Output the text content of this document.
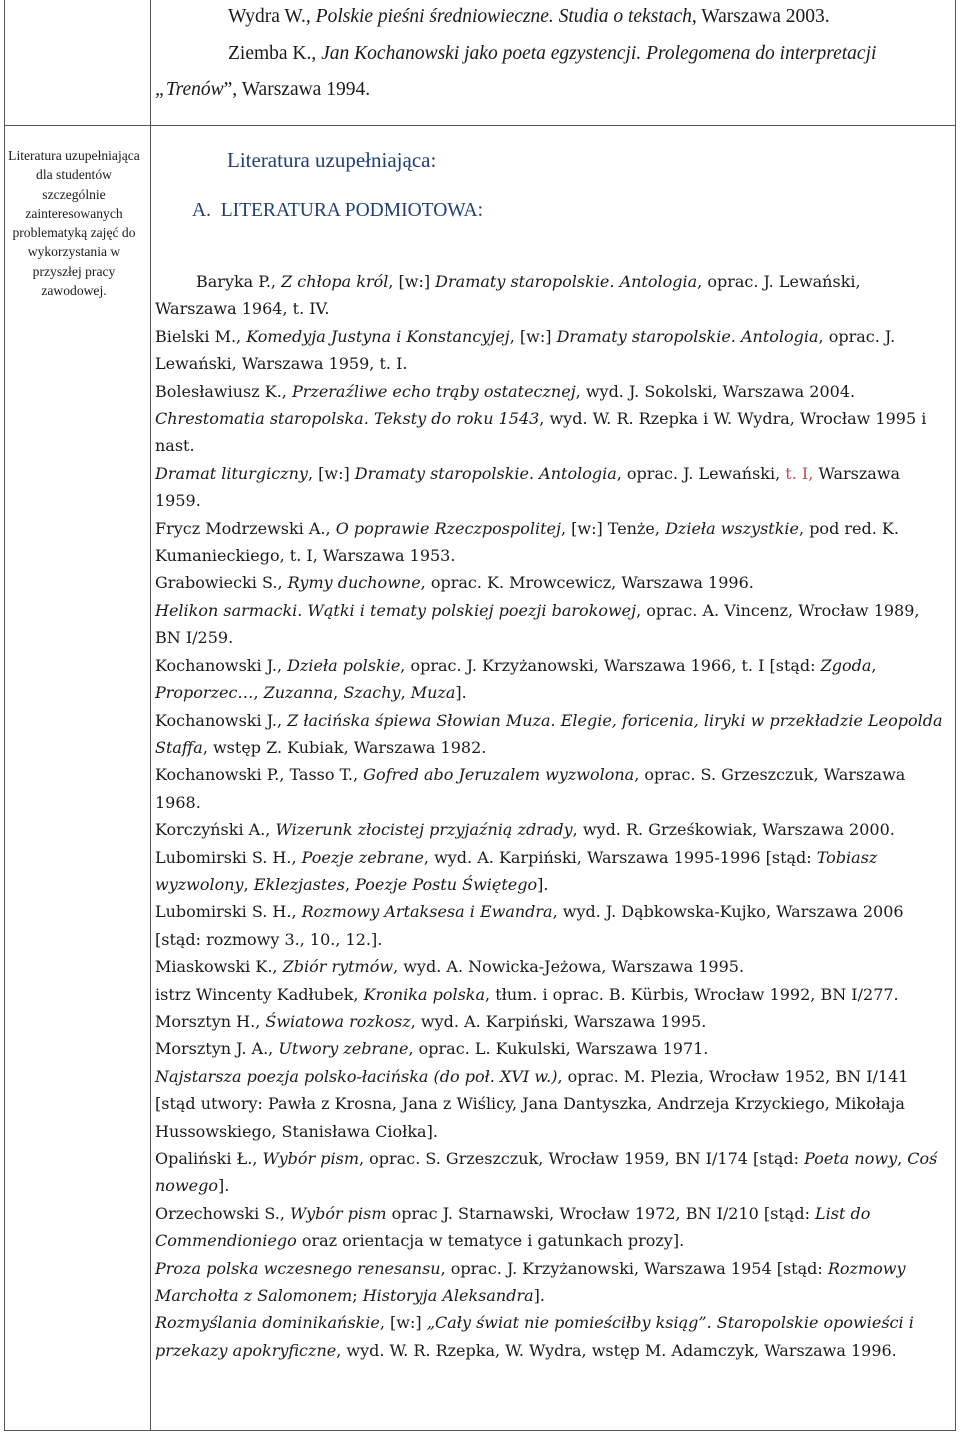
Wydra W., Polskie pieśni średniowieczne. Studia o tekstach, Warszawa 2003.
Ziemba K., Jan Kochanowski jako poeta egzystencji. Prolegomena do interpretacji
„Trenów”, Warszawa 1994.
Literatura uzupełniająca dla studentów szczególnie zainteresowanych problematyką zajęć do wykorzystania w przyszłej pracy zawodowej.
Literatura uzupełniająca:
A.  LITERATURA PODMIOTOWA:

Baryka P., Z chłopa król, [w:] Dramaty staropolskie. Antologia, oprac. J. Lewański, Warszawa 1964, t. IV.

Bielski M., Komedyja Justyna i Konstancyjej, [w:] Dramaty staropolskie. Antologia, oprac. J. Lewański, Warszawa 1959, t. I.

Bolesławiusz K., Przeraźliwe echo trąby ostatecznej, wyd. J. Sokolski, Warszawa 2004.

Chrestomatia staropolska. Teksty do roku 1543, wyd. W. R. Rzepka i W. Wydra, Wrocław 1995 i nast.

Dramat liturgiczny, [w:] Dramaty staropolskie. Antologia, oprac. J. Lewański, t. I, Warszawa 1959.

Frycz Modrzewski A., O poprawie Rzeczpospolitej, [w:] Tenże, Dzieła wszystkie, pod red. K. Kumanieckiego, t. I, Warszawa 1953.

Grabowiecki S., Rymy duchowne, oprac. K. Mrowcewicz, Warszawa 1996.

Helikon sarmacki. Wątki i tematy polskiej poezji barokowej, oprac. A. Vincenz, Wrocław 1989, BN I/259.

Kochanowski J., Dzieła polskie, oprac. J. Krzyżanowski, Warszawa 1966, t. I [stąd: Zgoda, Proporzec…, Zuzanna, Szachy, Muza].

Kochanowski J., Z łacińska śpiewa Słowian Muza. Elegie, foricenia, liryki w przekładzie Leopolda Staffa, wstęp Z. Kubiak, Warszawa 1982.

Kochanowski P., Tasso T., Gofred abo Jeruzalem wyzwolona, oprac. S. Grzeszczuk, Warszawa 1968.

Korczyński A., Wizerunk złocistej przyjaźnią zdrady, wyd. R. Grześkowiak, Warszawa 2000.

Lubomirski S. H., Poezje zebrane, wyd. A. Karpiński, Warszawa 1995-1996 [stąd: Tobiasz wyzwolony, Eklezjastes, Poezje Postu Świętego].

Lubomirski S. H., Rozmowy Artaksesa i Ewandra, wyd. J. Dąbkowska-Kujko, Warszawa 2006 [stąd: rozmowy 3., 10., 12.].

Miaskowski K., Zbiór rytmów, wyd. A. Nowicka-Jeżowa, Warszawa 1995.

istrz Wincenty Kadłubek, Kronika polska, tłum. i oprac. B. Kürbis, Wrocław 1992, BN I/277.

Morsztyn H., Światowa rozkosz, wyd. A. Karpiński, Warszawa 1995.

Morsztyn J. A., Utwory zebrane, oprac. L. Kukulski, Warszawa 1971.

Najstarsza poezja polsko-łacińska (do poł. XVI w.), oprac. M. Plezia, Wrocław 1952, BN I/141 [stąd utwory: Pawła z Krosna, Jana z Wiślicy, Jana Dantyszka, Andrzeja Krzyckiego, Mikołaja Hussowskiego, Stanisława Ciołka].

Opaliński Ł., Wybór pism, oprac. S. Grzeszczuk, Wrocław 1959, BN I/174 [stąd: Poeta nowy, Coś nowego].

Orzechowski S., Wybór pism oprac J. Starnawski, Wrocław 1972, BN I/210 [stąd: List do Commendioniego oraz orientacja w tematyce i gatunkach prozy].

Proza polska wczesnego renesansu, oprac. J. Krzyżanowski, Warszawa 1954 [stąd: Rozmowy Marchołta z Salomonem; Historyja Aleksandra].

Rozmyślania dominikańskie, [w:] „Cały świat nie pomieściłby ksiąg”. Staropolskie opowieści i przekazy apokryficzne, wyd. W. R. Rzepka, W. Wydra, wstęp M. Adamczyk, Warszawa 1996.
